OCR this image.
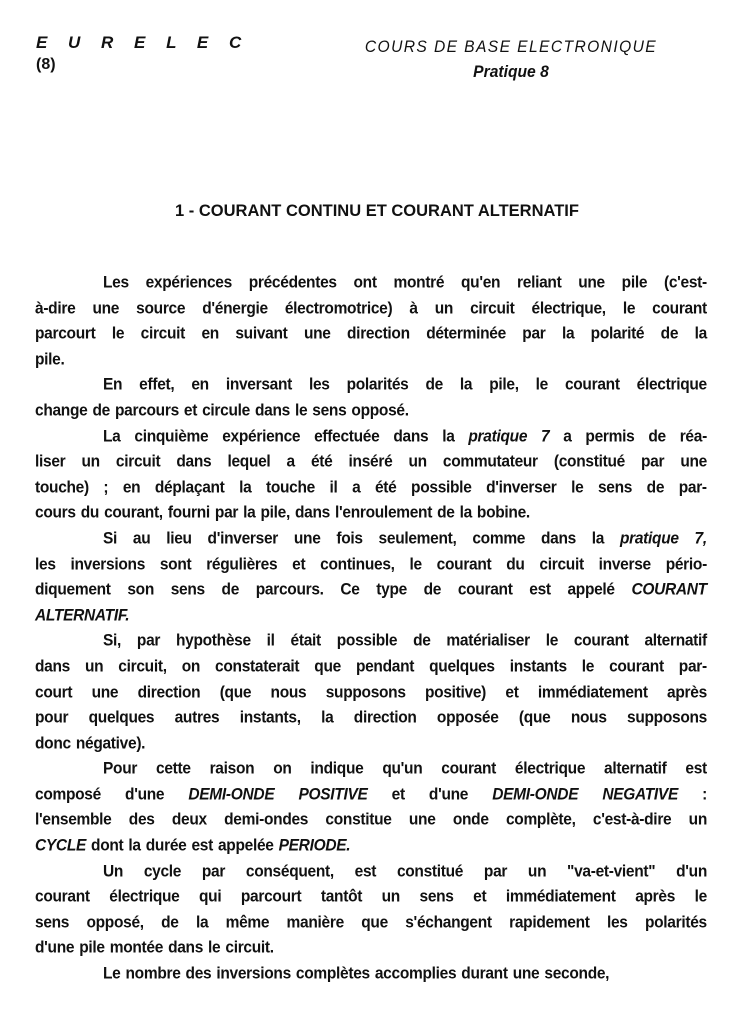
E U R E L E C
(8)
COURS DE BASE ELECTRONIQUE
Pratique 8
1 - COURANT CONTINU ET COURANT ALTERNATIF
Les expériences précédentes ont montré qu'en reliant une pile (c'est-
à-dire une source d'énergie électromotrice) à un circuit électrique, le courant
parcourt le circuit en suivant une direction déterminée par la polarité de la
pile.
En effet, en inversant les polarités de la pile, le courant électrique
change de parcours et circule dans le sens opposé.
La cinquième expérience effectuée dans la pratique 7 a permis de réa-
liser un circuit dans lequel a été inséré un commutateur (constitué par une
touche) ; en déplaçant la touche il a été possible d'inverser le sens de par-
cours du courant, fourni par la pile, dans l'enroulement de la bobine.
Si au lieu d'inverser une fois seulement, comme dans la pratique 7,
les inversions sont régulières et continues, le courant du circuit inverse pério-
diquement son sens de parcours. Ce type de courant est appelé COURANT
ALTERNATIF.
Si, par hypothèse il était possible de matérialiser le courant alternatif
dans un circuit, on constaterait que pendant quelques instants le courant par-
court une direction (que nous supposons positive) et immédiatement après
pour quelques autres instants, la direction opposée (que nous supposons
donc négative).
Pour cette raison on indique qu'un courant électrique alternatif est
composé d'une DEMI-ONDE POSITIVE et d'une DEMI-ONDE NEGATIVE :
l'ensemble des deux demi-ondes constitue une onde complète, c'est-à-dire un
CYCLE dont la durée est appelée PERIODE.
Un cycle par conséquent, est constitué par un "va-et-vient" d'un
courant électrique qui parcourt tantôt un sens et immédiatement après le
sens opposé, de la même manière que s'échangent rapidement les polarités
d'une pile montée dans le circuit.
Le nombre des inversions complètes accomplies durant une seconde,
